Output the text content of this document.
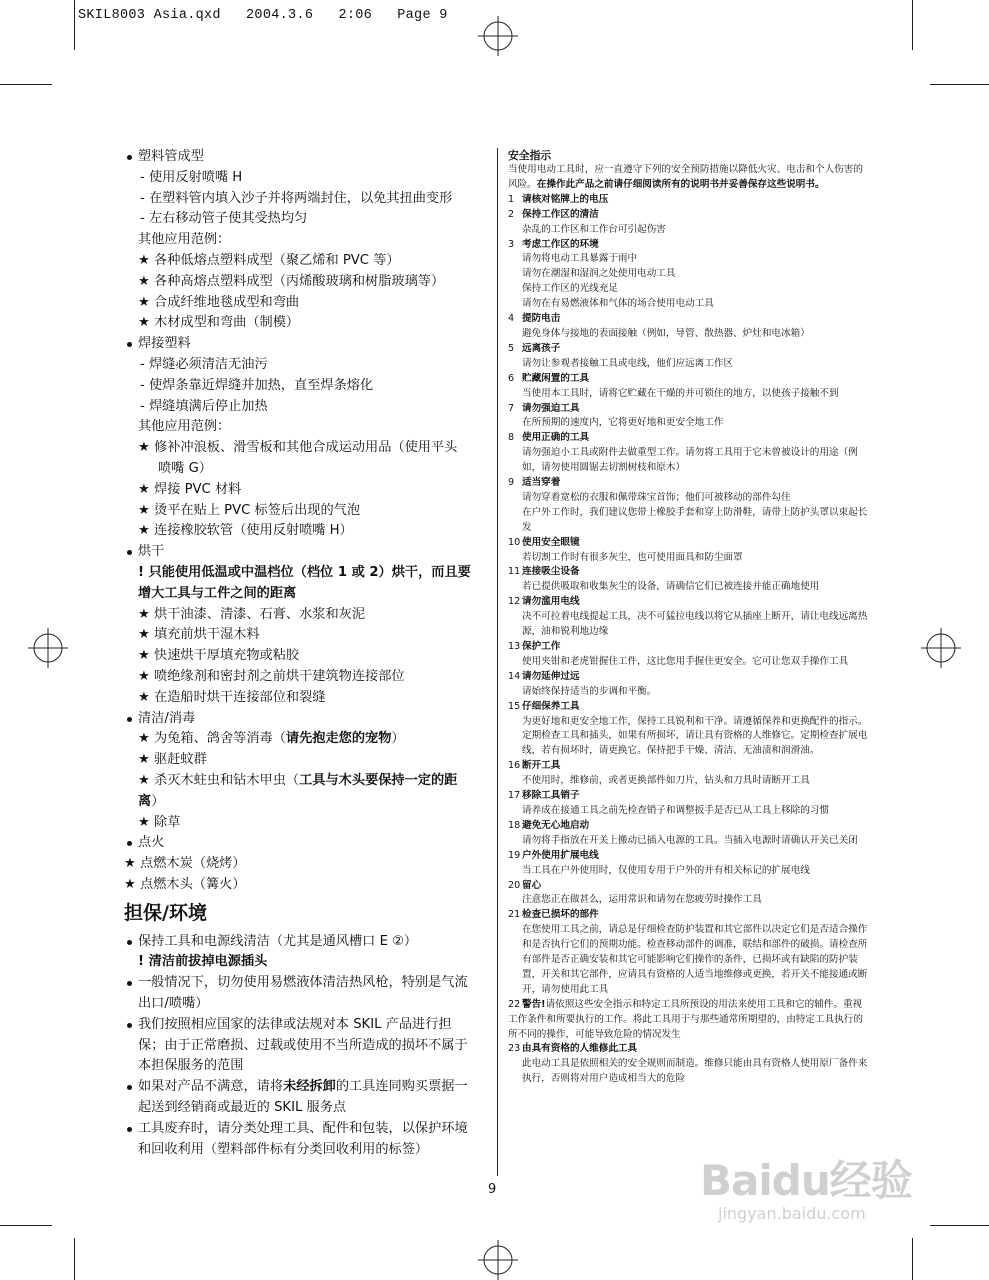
SKIL8003 Asia.qxd   2004.3.6   2:06   Page 9
塑料管成型
- 使用反射喷嘴 H
- 在塑料管内填入沙子并将两端封住，以免其扭曲变形
- 左右移动管子使其受热均匀
其他应用范例：
★ 各种低熔点塑料成型（聚乙烯和 PVC 等）
★ 各种高熔点塑料成型（丙烯酸玻璃和树脂玻璃等）
★ 合成纤维地毯成型和弯曲
★ 木材成型和弯曲（制模）
焊接塑料
- 焊缝必须清洁无油污
- 使焊条靠近焊缝并加热，直至焊条熔化
- 焊缝填满后停止加热
其他应用范例：
★ 修补冲浪板、滑雪板和其他合成运动用品（使用平头
喷嘴 G）
★ 焊接 PVC 材料
★ 烫平在贴上 PVC 标签后出现的气泡
★ 连接橡胶软管（使用反射喷嘴 H）
烘干
! 只能使用低温或中温档位（档位 1 或 2）烘干，而且要增大工具与工件之间的距离
★ 烘干油漆、清漆、石膏、水浆和灰泥
★ 填充前烘干湿木料
★ 快速烘干厚填充物或粘胶
★ 喷绝缘剂和密封剂之前烘干建筑物连接部位
★ 在造船时烘干连接部位和裂缝
清洁/消毒
★ 为兔箱、鸽舍等消毒（请先抱走您的宠物）
★ 驱赶蚊群
★ 杀灭木蛀虫和钻木甲虫（工具与木头要保持一定的距离）
★ 除草
点火
★ 点燃木炭（烧烤）
★ 点燃木头（篝火）
担保/环境
保持工具和电源线清洁（尤其是通风槽口 E ②）
! 清洁前拔掉电源插头
一般情况下，切勿使用易燃液体清洁热风枪，特别是气流出口/喷嘴）
我们按照相应国家的法律或法规对本 SKIL 产品进行担保；由于正常磨损、过载或使用不当所造成的损坏不属于本担保服务的范围
如果对产品不满意，请将未经拆卸的工具连同购买票据一起送到经销商或最近的 SKIL 服务点
工具废弃时，请分类处理工具、配件和包装，以保护环境和回收利用（塑料部件标有分类回收利用的标签）
安全指示
当使用电动工具时，应一直遵守下列的安全预防措施以降低火灾、电击和个人伤害的风险。在操作此产品之前请仔细阅读所有的说明书并妥善保存这些说明书。
1 请核对铭牌上的电压
2 保持工作区的清洁
杂乱的工作区和工作台可引起伤害
3 考虑工作区的环境
请勿将电动工具暴露于雨中
请勿在潮湿和湿润之处使用电动工具
保持工作区的光线充足
请勿在有易燃液体和气体的场合使用电动工具
4 提防电击
避免身体与接地的表面接触（例如，导管、散热器、炉灶和电冰箱）
5 远离孩子
请勿让参观者接触工具或电线，他们应远离工作区
6 贮藏闲置的工具
当使用本工具时，请将它贮藏在干燥的并可锁住的地方，以使孩子接触不到
7 请勿强迫工具
在所预期的速度内，它将更好地和更安全地工作
8 使用正确的工具
请勿强迫小工具或附件去做重型工作。请勿将工具用于它未曾被设计的用途（例如，请勿使用圆锯去切割树枝和原木）
9 适当穿着
请勿穿着宽松的衣服和佩带珠宝首饰；他们可被移动的部件勾住
在户外工作时，我们建议您带上橡胶手套和穿上防滑鞋，请带上防护头罩以束起长发
10 使用安全眼镜
若切割工作时有很多灰尘，也可使用面具和防尘面罩
11 连接吸尘设备
若已提供吸取和收集灰尘的设备，请确信它们已被连接并能正确地使用
12 请勿滥用电线
决不可拉着电线提起工具，决不可猛拉电线以将它从插座上断开，请让电线远离热源，油和锐利地边缘
13 保护工作
使用夹钳和老虎钳握住工件，这比您用手握住更安全。它可让您双手操作工具
14 请勿延伸过远
请始终保持适当的步调和平衡。
15 仔细保养工具
为更好地和更安全地工作，保持工具锐利和干净。请遵循保养和更换配件的指示。定期检查工具和插头，如果有所损坏，请让具有资格的人维修它。定期检查扩展电线，若有损坏时，请更换它。保持把手干燥、清洁、无油渍和润滑油。
16 断开工具
不使用时，维修前，或者更换部件如刀片，钻头和刀具时请断开工具
17 移除工具销子
请养成在接通工具之前先检查销子和调整扳手是否已从工具上移除的习惯
18 避免无心地启动
请勿将手指放在开关上搬动已插入电源的工具。当插入电源时请确认开关已关闭
19 户外使用扩展电线
当工具在户外使用时，仅使用专用于户外的并有相关标记的扩展电线
20 留心
注意您正在做甚么，运用常识和请勿在您疲劳时操作工具
21 检查已损坏的部件
在您使用工具之前，请总是仔细检查防护装置和其它部件以决定它们是否适合操作和是否执行它们的预期功能。检查移动部件的调准，联结和部件的破损。请检查所有部件是否正确安装和其它可能影响它们操作的条件，已损坏或有缺陷的防护装置，开关和其它部件，应请具有资格的人适当地维修或更换，若开关不能接通或断开，请勿使用此工具
22 警告!请依照这些安全指示和特定工具所预设的用法来使用工具和它的辅件。重视工作条件和所要执行的工作。将此工具用于与那些通常所期望的，由特定工具执行的所不同的操作，可能导致危险的情况发生
23 由具有资格的人维修此工具
此电动工具是依照相关的安全规则而制造。维修只能由具有资格人使用原厂备件来执行，否则将对用户造成相当大的危险
9	Baidu经验
jingyan.baidu.com
